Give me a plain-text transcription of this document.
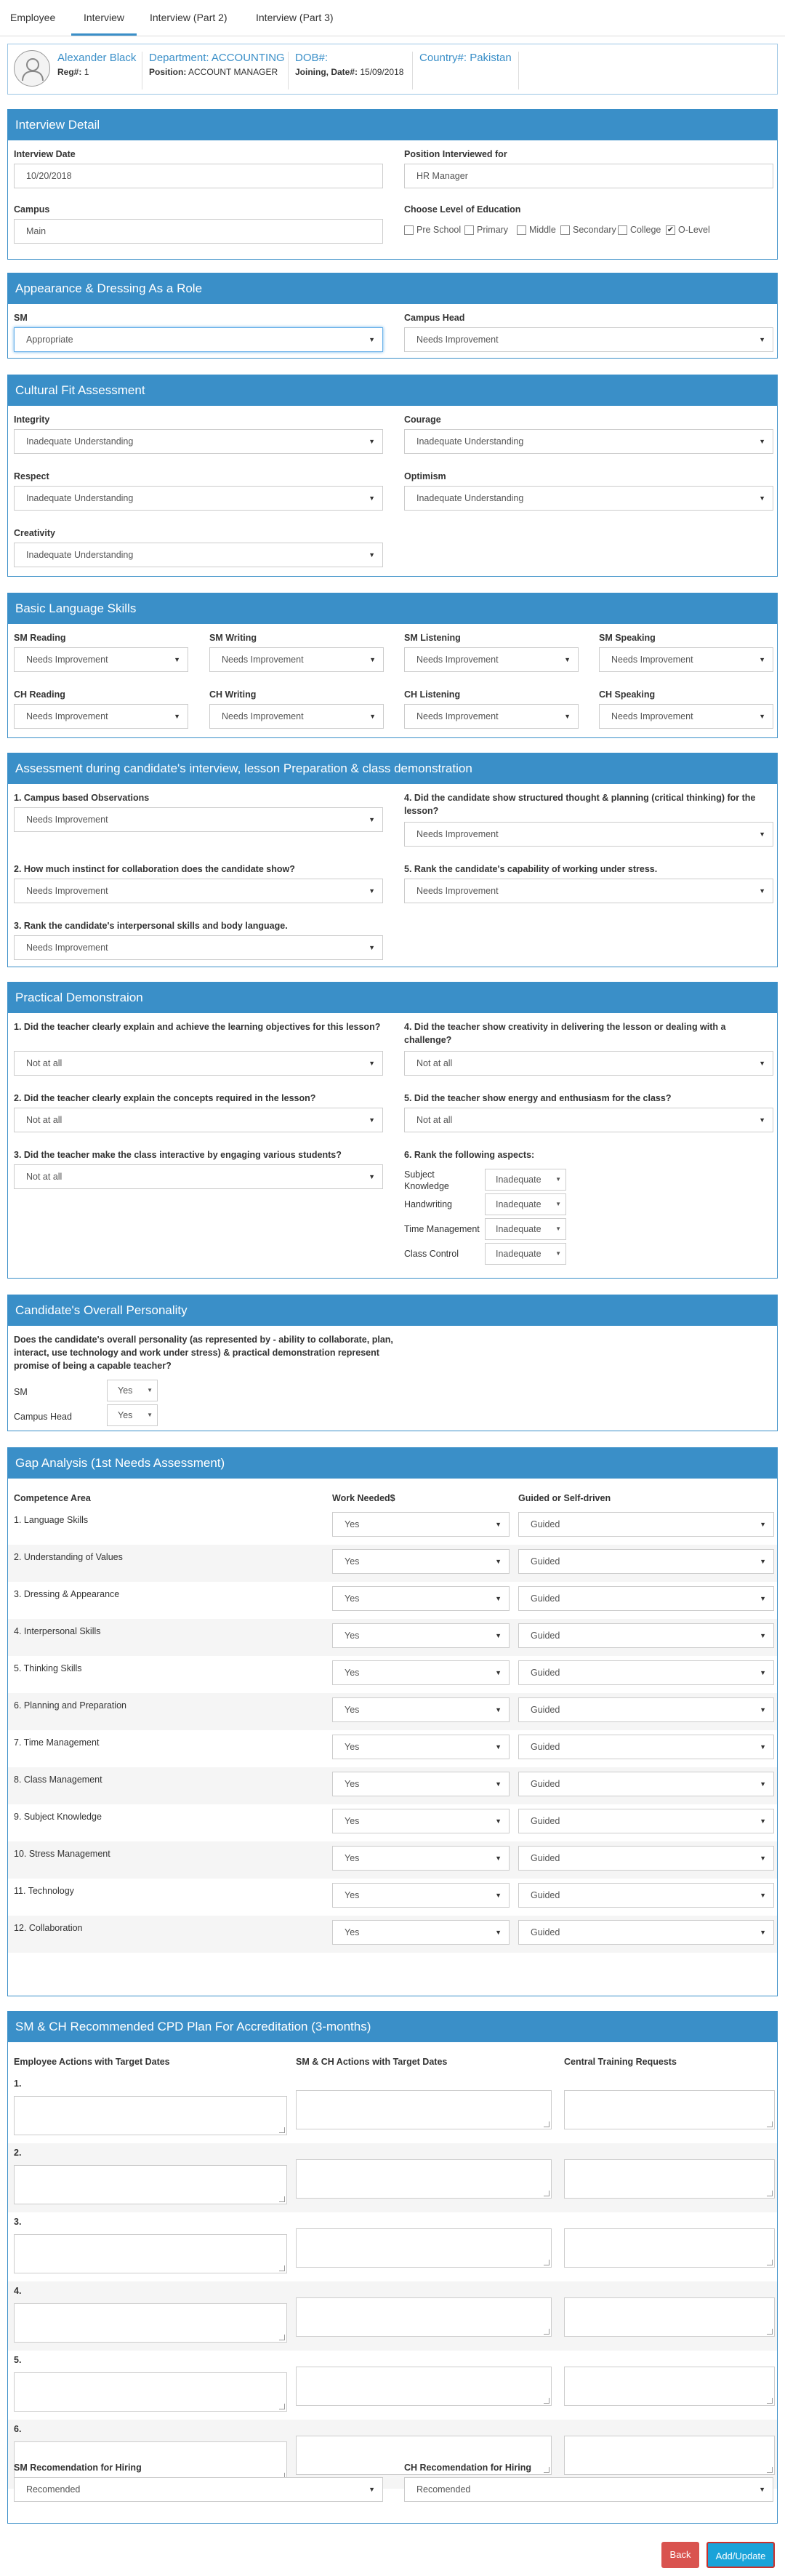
Employee	Interview	Interview (Part 2)	Interview (Part 3)
Alexander Black
Reg#: 1
Department: ACCOUNTING
Position: ACCOUNT MANAGER
DOB#:
Joining, Date#: 15/09/2018
Country#: Pakistan
Interview Detail
Interview Date
10/20/2018
Position Interviewed for
HR Manager
Campus
Main
Choose Level of Education
Pre School	Primary	Middle	Secondary	College ✔ O-Level
Appearance & Dressing As a Role
SM
Appropriate	▼
Campus Head
Needs Improvement	▼
Cultural Fit Assessment
Integrity
Inadequate Understanding	▼
Courage
Inadequate Understanding	▼
Respect
Inadequate Understanding	▼
Optimism
Inadequate Understanding	▼
Creativity
Inadequate Understanding	▼
Basic Language Skills
SM Reading
Needs Improvement	▼
SM Writing
Needs Improvement	▼
SM Listening
Needs Improvement	▼
SM Speaking
Needs Improvement	▼
CH Reading
Needs Improvement	▼
CH Writing
Needs Improvement	▼
CH Listening
Needs Improvement	▼
CH Speaking
Needs Improvement	▼
Assessment during candidate's interview, lesson Preparation & class demonstration
1. Campus based Observations
Needs Improvement	▼
4. Did the candidate show structured thought & planning (critical thinking) for the lesson?
Needs Improvement	▼
2. How much instinct for collaboration does the candidate show?
Needs Improvement	▼
5. Rank the candidate's capability of working under stress.
Needs Improvement	▼
3. Rank the candidate's interpersonal skills and body language.
Needs Improvement	▼
Practical Demonstraion
1. Did the teacher clearly explain and achieve the learning objectives for this lesson?
Not at all	▼
4. Did the teacher show creativity in delivering the lesson or dealing with a challenge?
Not at all	▼
2. Did the teacher clearly explain the concepts required in the lesson?
Not at all	▼
5. Did the teacher show energy and enthusiasm for the class?
Not at all	▼
3. Did the teacher make the class interactive by engaging various students?
Not at all	▼
6. Rank the following aspects:
Subject Knowledge
Inadequate ▼
Handwriting	Inadequate ▼
Time Management	Inadequate ▼
Class Control	Inadequate ▼
Candidate's Overall Personality
Does the candidate's overall personality (as represented by - ability to collaborate, plan, interact, use technology and work under stress) & practical demonstration represent promise of being a capable teacher?
SM	Yes ▼
Campus Head	Yes ▼
Gap Analysis (1st Needs Assessment)
Competence Area	Work Needed$	Guided or Self-driven
1. Language Skills	Yes	▼	Guided	▼
2. Understanding of Values	Yes	▼	Guided	▼
3. Dressing & Appearance	Yes	▼	Guided	▼
4. Interpersonal Skills	Yes	▼	Guided	▼
5. Thinking Skills	Yes	▼	Guided	▼
6. Planning and Preparation	Yes	▼	Guided	▼
7. Time Management	Yes	▼	Guided	▼
8. Class Management	Yes	▼	Guided	▼
9. Subject Knowledge	Yes	▼	Guided	▼
10. Stress Management	Yes	▼	Guided	▼
11. Technology	Yes	▼	Guided	▼
12. Collaboration	Yes	▼	Guided	▼
SM & CH Recommended CPD Plan For Accreditation (3-months)
Employee Actions with Target Dates	SM & CH Actions with Target Dates	Central Training Requests
1.
2.
3.
4.
5.
6.
SM Recomendation for Hiring
Recomended	▼
CH Recomendation for Hiring
Recomended	▼
Back	Add/Update
